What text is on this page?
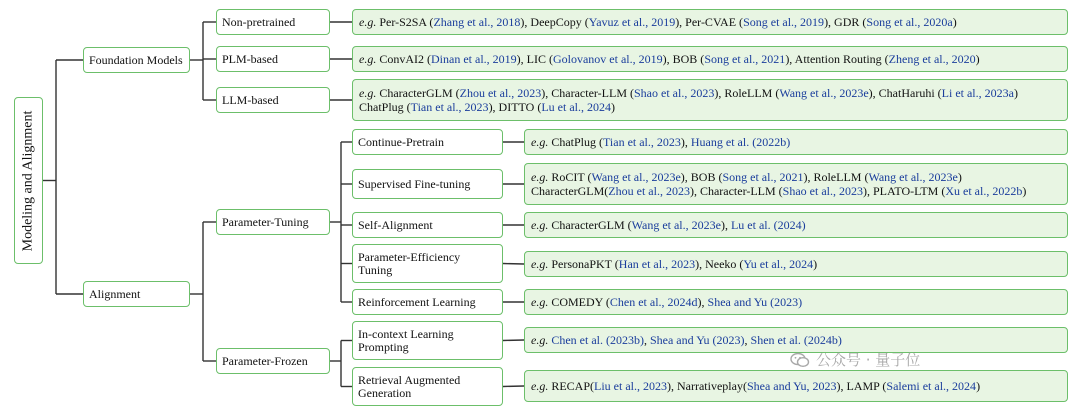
Modeling and Alignment
Foundation Models
Alignment
Non-pretrained
PLM-based
LLM-based
Parameter-Tuning
Parameter-Frozen
Continue-Pretrain
Supervised Fine-tuning
Self-Alignment
Parameter-Efficiency Tuning
Reinforcement Learning
In-context Learning Prompting
Retrieval Augmented Generation
e.g. Per-S2SA (Zhang et al., 2018), DeepCopy (Yavuz et al., 2019), Per-CVAE (Song et al., 2019), GDR (Song et al., 2020a)
e.g. ConvAI2 (Dinan et al., 2019), LIC (Golovanov et al., 2019), BOB (Song et al., 2021), Attention Routing (Zheng et al., 2020)
e.g. CharacterGLM (Zhou et al., 2023), Character-LLM (Shao et al., 2023), RoleLLM (Wang et al., 2023e), ChatHaruhi (Li et al., 2023a)
ChatPlug (Tian et al., 2023), DITTO (Lu et al., 2024)
e.g. ChatPlug (Tian et al., 2023), Huang et al. (2022b)
e.g. RoCIT (Wang et al., 2023e), BOB (Song et al., 2021), RoleLLM (Wang et al., 2023e)
CharacterGLM(Zhou et al., 2023), Character-LLM (Shao et al., 2023), PLATO-LTM (Xu et al., 2022b)
e.g. CharacterGLM (Wang et al., 2023e), Lu et al. (2024)
e.g. PersonaPKT (Han et al., 2023), Neeko (Yu et al., 2024)
e.g. COMEDY (Chen et al., 2024d), Shea and Yu (2023)
e.g. Chen et al. (2023b), Shea and Yu (2023), Shen et al. (2024b)
e.g. RECAP(Liu et al., 2023), Narrativeplay(Shea and Yu, 2023), LAMP (Salemi et al., 2024)
公众号 · 量子位
